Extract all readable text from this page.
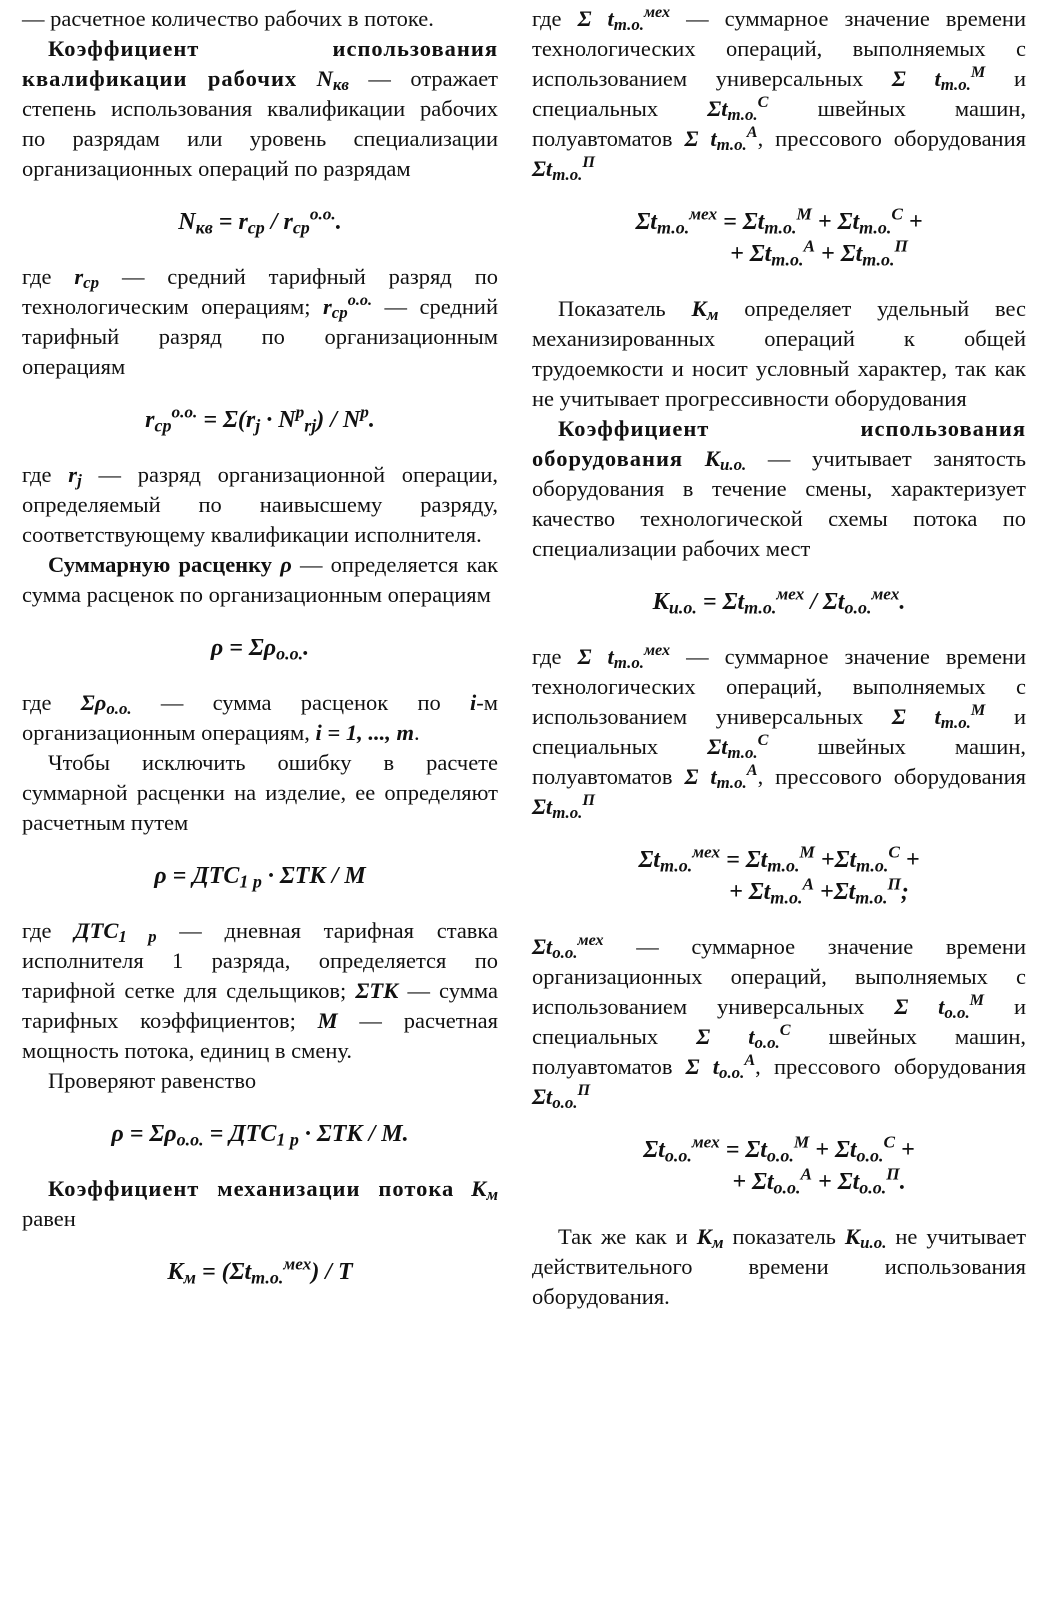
— расчетное количество рабочих в потоке.

Коэффициент использования квалификации рабочих $N_{кв}$ — отражает степень использования квалификации рабочих по разрядам или уровень специализации организационных операций по разрядам

$N_{кв} = r_{ср} / r_{ср}^{о.о.}$.

где $r_{ср}$ — средний тарифный разряд по технологическим операциям; $r_{ср}^{о.о.}$ — средний тарифный разряд по организационным операциям

$r_{ср}^{о.о.} = \Sigma(r_j \cdot N^р_{rj}) / N^р$.

где $r_j$ — разряд организационной операции, определяемый по наивысшему разряду, соответствующему квалификации исполнителя.

Суммарную расценку ρ — определяется как сумма расценок по организационным операциям

$\rho = \Sigma\rho_{о.о.}$.

где $\Sigma\rho_{о.о.}$ — сумма расценок по i-м организационным операциям, i = 1, ..., m.

Чтобы исключить ошибку в расчете суммарной расценки на изделие, ее определяют расчетным путем

$\rho = ДТС_{1 р} \cdot \Sigma ТК / М$

где $ДТС_{1 р}$ — дневная тарифная ставка исполнителя 1 разряда, определяется по тарифной сетке для сдельщиков; ΣТК — сумма тарифных коэффициентов; М — расчетная мощность потока, единиц в смену.

Проверяют равенство

$\rho = \Sigma\rho_{о.о.} = ДТС_{1 р} \cdot \Sigma ТК / М$.

Коэффициент механизации потока $К_м$ равен

$К_м = (\Sigma t_{т.о.}^{мех}) / Т$

где Σ $t_{т.о.}^{мех}$ — суммарное значение времени технологических операций, выполняемых с использованием универсальных Σ $t_{т.о.}^М$ и специальных $\Sigma t_{т.о.}^С$ швейных машин, полуавтоматов Σ $t_{т.о.}^А$, прессового оборудования $\Sigma t_{т.о.}^П$

$\Sigma t_{т.о.}^{мех} = \Sigma t_{т.о.}^М + \Sigma t_{т.о.}^С$ +
+ $\Sigma t_{т.о.}^А + \Sigma t_{т.о.}^П$

Показатель $К_м$ определяет удельный вес механизированных операций к общей трудоемкости и носит условный характер, так как не учитывает прогрессивности оборудования

Коэффициент использования оборудования $К_{и.о.}$ — учитывает занятость оборудования в течение смены, характеризует качество технологической схемы потока по специализации рабочих мест

$К_{и.о.} = \Sigma t_{т.о.}^{мех} / \Sigma t_{о.о.}^{мех}$.

где Σ $t_{т.о.}^{мех}$ — суммарное значение времени технологических операций, выполняемых с использованием универсальных Σ $t_{т.о.}^М$ и специальных $\Sigma t_{т.о.}^С$ швейных машин, полуавтоматов Σ $t_{т.о.}^А$, прессового оборудования $\Sigma t_{т.о.}^П$

$\Sigma t_{т.о.}^{мех} = \Sigma t_{т.о.}^М +\Sigma t_{т.о.}^С$ +
+ $\Sigma t_{т.о.}^А +\Sigma t_{т.о.}^П$;

$\Sigma t_{о.о.}^{мех}$ — суммарное значение времени организационных операций, выполняемых с использованием универсальных Σ $t_{о.о.}^М$ и специальных Σ $t_{о.о.}^С$ швейных машин, полуавтоматов Σ $t_{о.о.}^А$, прессового оборудования $\Sigma t_{о.о.}^П$

$\Sigma t_{о.о.}^{мех} = \Sigma t_{о.о.}^М + \Sigma t_{о.о.}^С$ +
+ $\Sigma t_{о.о.}^А + \Sigma t_{о.о.}^П$.

Так же как и $К_м$ показатель $К_{и.о.}$ не учитывает действительного времени использования оборудования.
